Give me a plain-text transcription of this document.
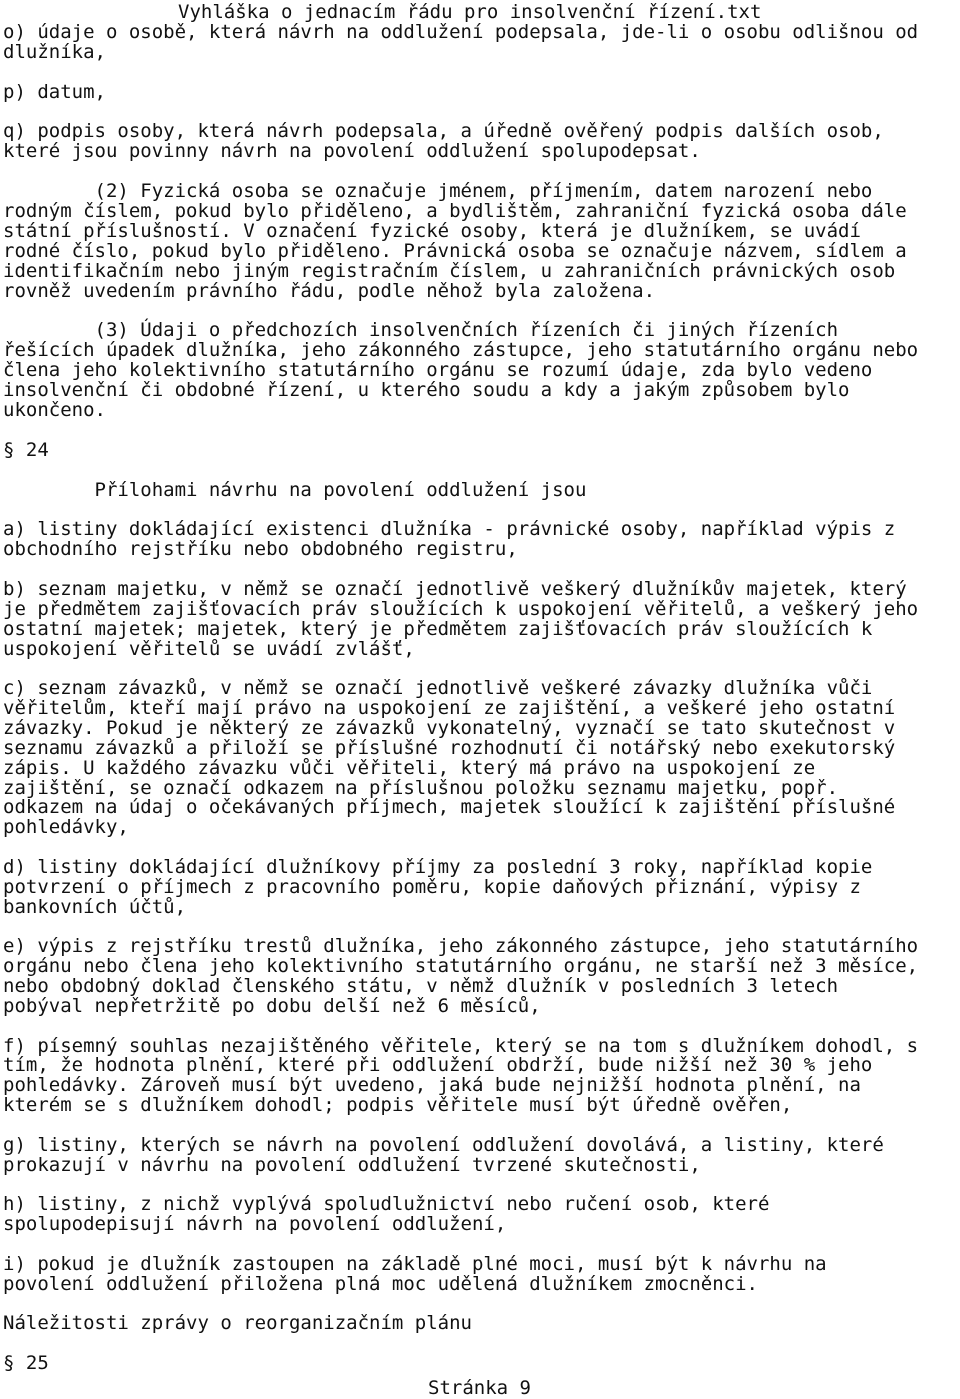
Vyhláška o jednacím řádu pro insolvenční řízení.txt
o) údaje o osobě, která návrh na oddlužení podepsala, jde-li o osobu odlišnou od
dlužníka,
p) datum,
q) podpis osoby, která návrh podepsala, a úředně ověřený podpis dalších osob,
které jsou povinny návrh na povolení oddlužení spolupodepsat.
(2) Fyzická osoba se označuje jménem, příjmením, datem narození nebo
rodným číslem, pokud bylo přiděleno, a bydlištěm, zahraniční fyzická osoba dále
státní příslušností. V označení fyzické osoby, která je dlužníkem, se uvádí
rodné číslo, pokud bylo přiděleno. Právnická osoba se označuje názvem, sídlem a
identifikačním nebo jiným registračním číslem, u zahraničních právnických osob
rovněž uvedením právního řádu, podle něhož byla založena.
(3) Údaji o předchozích insolvenčních řízeních či jiných řízeních
řešících úpadek dlužníka, jeho zákonného zástupce, jeho statutárního orgánu nebo
člena jeho kolektivního statutárního orgánu se rozumí údaje, zda bylo vedeno
insolvenční či obdobné řízení, u kterého soudu a kdy a jakým způsobem bylo
ukončeno.
§ 24
Přílohami návrhu na povolení oddlužení jsou
a) listiny dokládající existenci dlužníka - právnické osoby, například výpis z
obchodního rejstříku nebo obdobného registru,
b) seznam majetku, v němž se označí jednotlivě veškerý dlužníkův majetek, který
je předmětem zajišťovacích práv sloužících k uspokojení věřitelů, a veškerý jeho
ostatní majetek; majetek, který je předmětem zajišťovacích práv sloužících k
uspokojení věřitelů se uvádí zvlášť,
c) seznam závazků, v němž se označí jednotlivě veškeré závazky dlužníka vůči
věřitelům, kteří mají právo na uspokojení ze zajištění, a veškeré jeho ostatní
závazky. Pokud je některý ze závazků vykonatelný, vyznačí se tato skutečnost v
seznamu závazků a přiloží se příslušné rozhodnutí či notářský nebo exekutorský
zápis. U každého závazku vůči věřiteli, který má právo na uspokojení ze
zajištění, se označí odkazem na příslušnou položku seznamu majetku, popř.
odkazem na údaj o očekávaných příjmech, majetek sloužící k zajištění příslušné
pohledávky,
d) listiny dokládající dlužníkovy příjmy za poslední 3 roky, například kopie
potvrzení o příjmech z pracovního poměru, kopie daňových přiznání, výpisy z
bankovních účtů,
e) výpis z rejstříku trestů dlužníka, jeho zákonného zástupce, jeho statutárního
orgánu nebo člena jeho kolektivního statutárního orgánu, ne starší než 3 měsíce,
nebo obdobný doklad členského státu, v němž dlužník v posledních 3 letech
pobýval nepřetržitě po dobu delší než 6 měsíců,
f) písemný souhlas nezajištěného věřitele, který se na tom s dlužníkem dohodl, s
tím, že hodnota plnění, které při oddlužení obdrží, bude nižší než 30 % jeho
pohledávky. Zároveň musí být uvedeno, jaká bude nejnižší hodnota plnění, na
kterém se s dlužníkem dohodl; podpis věřitele musí být úředně ověřen,
g) listiny, kterých se návrh na povolení oddlužení dovolává, a listiny, které
prokazují v návrhu na povolení oddlužení tvrzené skutečnosti,
h) listiny, z nichž vyplývá spoludlužnictví nebo ručení osob, které
spolupodepisují návrh na povolení oddlužení,
i) pokud je dlužník zastoupen na základě plné moci, musí být k návrhu na
povolení oddlužení přiložena plná moc udělená dlužníkem zmocněnci.
Náležitosti zprávy o reorganizačním plánu
§ 25
Stránka 9
